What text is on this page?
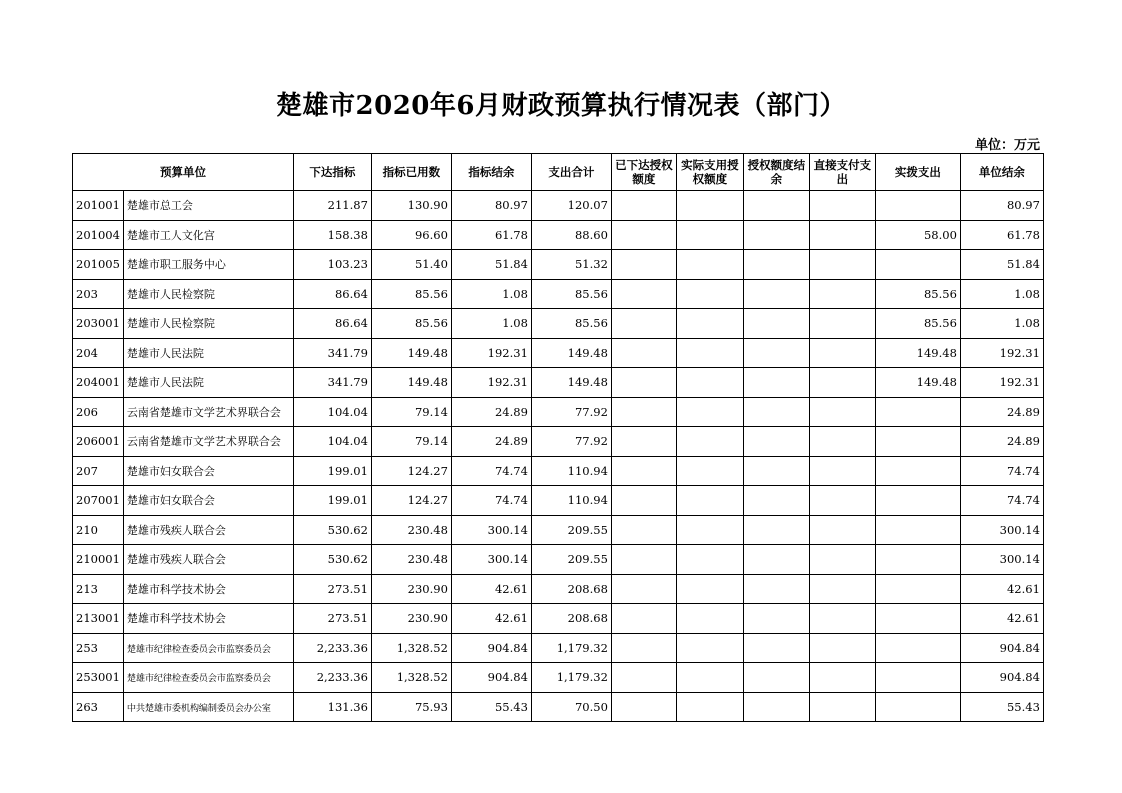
楚雄市2020年6月财政预算执行情况表（部门）
单位：万元
预算单位		下达指标	指标已用数	指标结余	支出合计	已下达授权额度	实际支用授权额度	授权额度结余	直接支付支出	实拨支出	单位结余
201001	楚雄市总工会	211.87	130.90	80.97	120.07						80.97
201004	楚雄市工人文化宫	158.38	96.60	61.78	88.60					58.00	61.78
201005	楚雄市职工服务中心	103.23	51.40	51.84	51.32						51.84
203	楚雄市人民检察院	86.64	85.56	1.08	85.56					85.56	1.08
203001	楚雄市人民检察院	86.64	85.56	1.08	85.56					85.56	1.08
204	楚雄市人民法院	341.79	149.48	192.31	149.48					149.48	192.31
204001	楚雄市人民法院	341.79	149.48	192.31	149.48					149.48	192.31
206	云南省楚雄市文学艺术界联合会	104.04	79.14	24.89	77.92						24.89
206001	云南省楚雄市文学艺术界联合会	104.04	79.14	24.89	77.92						24.89
207	楚雄市妇女联合会	199.01	124.27	74.74	110.94						74.74
207001	楚雄市妇女联合会	199.01	124.27	74.74	110.94						74.74
210	楚雄市残疾人联合会	530.62	230.48	300.14	209.55						300.14
210001	楚雄市残疾人联合会	530.62	230.48	300.14	209.55						300.14
213	楚雄市科学技术协会	273.51	230.90	42.61	208.68						42.61
213001	楚雄市科学技术协会	273.51	230.90	42.61	208.68						42.61
253	楚雄市纪律检查委员会市监察委员会	2,233.36	1,328.52	904.84	1,179.32						904.84
253001	楚雄市纪律检查委员会市监察委员会	2,233.36	1,328.52	904.84	1,179.32						904.84
263	中共楚雄市委机构编制委员会办公室	131.36	75.93	55.43	70.50						55.43
